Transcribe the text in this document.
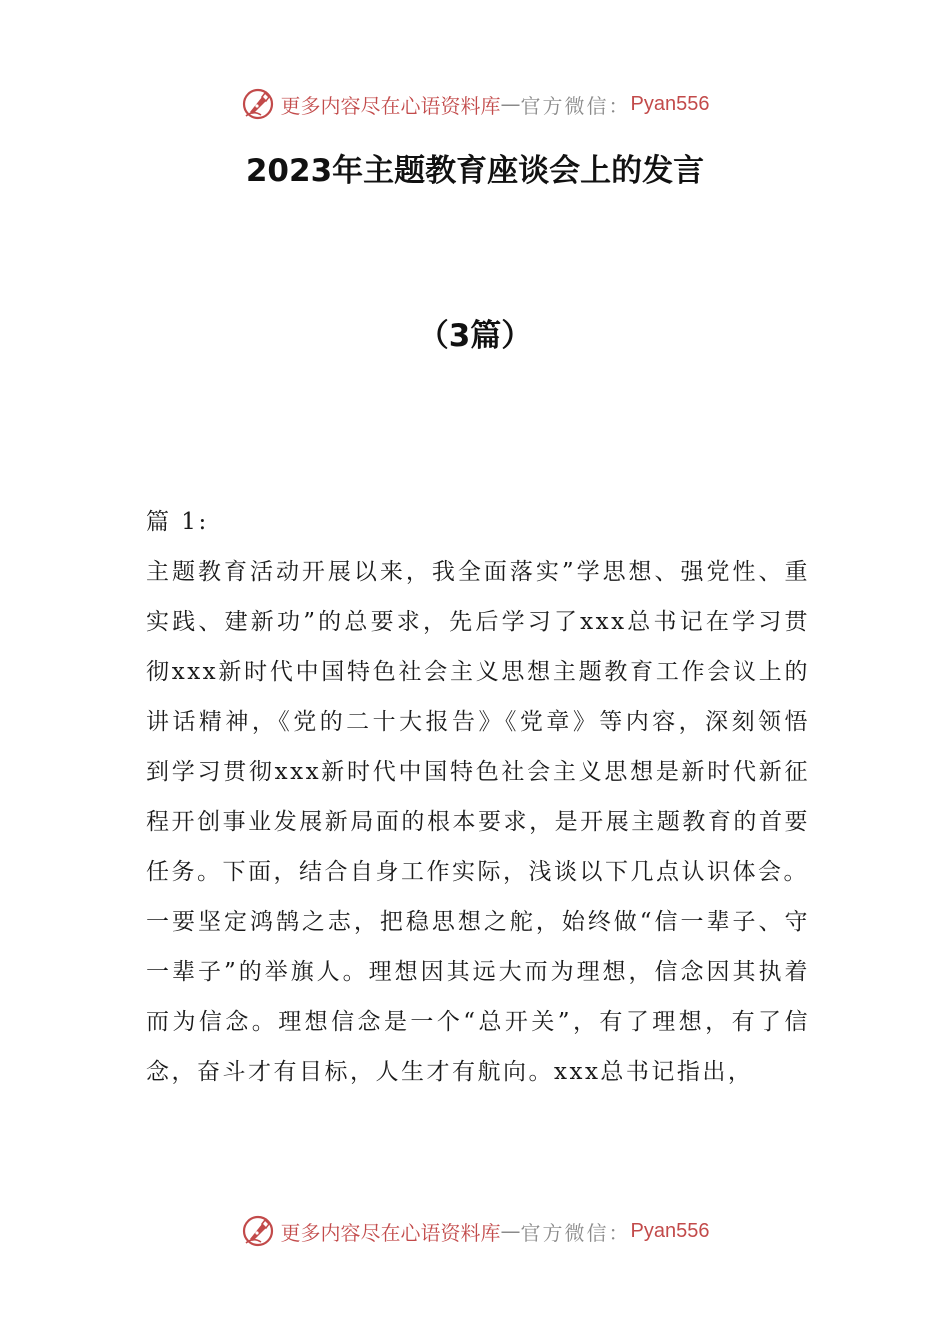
更多内容尽在心语资料库 — 官方微信： Pyan556
2023年主题教育座谈会上的发言
（3篇）

篇 1:

主题教育活动开展以来，我全面落实”学思想、强党性、重实践、建新功”的总要求，先后学习了xxx总书记在学习贯彻xxx新时代中国特色社会主义思想主题教育工作会议上的讲话精神，《党的二十大报告》《党章》等内容，深刻领悟到学习贯彻xxx新时代中国特色社会主义思想是新时代新征程开创事业发展新局面的根本要求，是开展主题教育的首要任务。下面，结合自身工作实际，浅谈以下几点认识体会。

一要坚定鸿鹄之志，把稳思想之舵，始终做“信一辈子、守一辈子”的举旗人。理想因其远大而为理想，信念因其执着而为信念。理想信念是一个“总开关”，有了理想，有了信念，奋斗才有目标，人生才有航向。xxx总书记指出，

更多内容尽在心语资料库 — 官方微信： Pyan556
